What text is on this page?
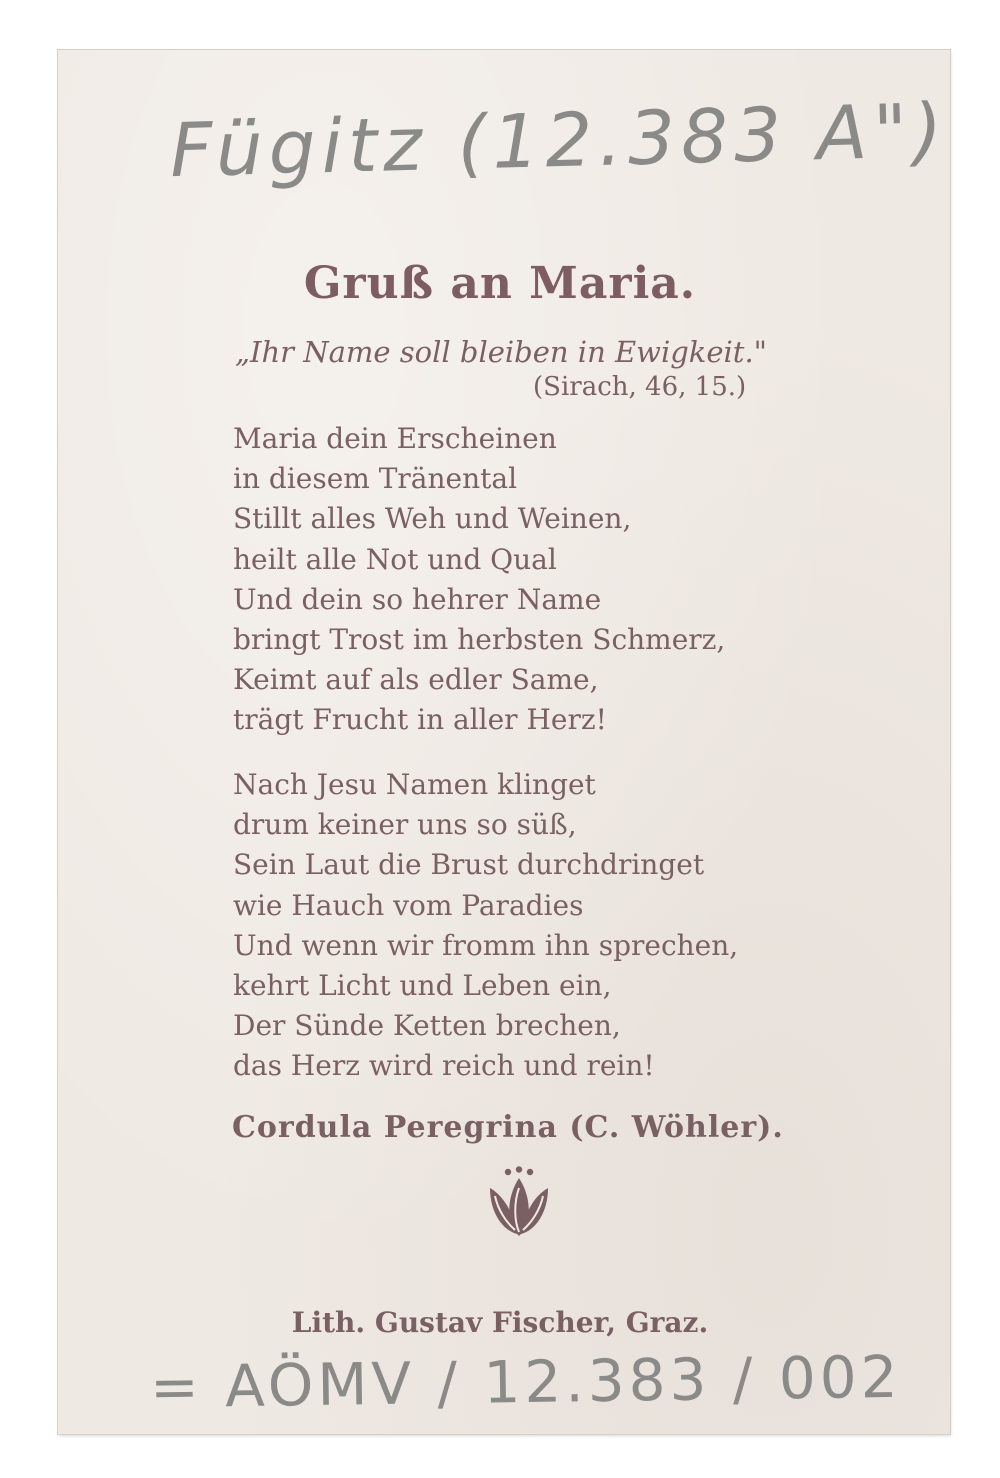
Fügitz (12.383 A")
Gruß an Maria.
„Ihr Name soll bleiben in Ewigkeit."
(Sirach, 46, 15.)
Maria dein Erscheinen
in diesem Tränental
Stillt alles Weh und Weinen,
heilt alle Not und Qual
Und dein so hehrer Name
bringt Trost im herbsten Schmerz,
Keimt auf als edler Same,
trägt Frucht in aller Herz!
Nach Jesu Namen klinget
drum keiner uns so süß,
Sein Laut die Brust durchdringet
wie Hauch vom Paradies
Und wenn wir fromm ihn sprechen,
kehrt Licht und Leben ein,
Der Sünde Ketten brechen,
das Herz wird reich und rein!
Cordula Peregrina (C. Wöhler).
Lith. Gustav Fischer, Graz.
= AÖMV / 12.383 / 002
